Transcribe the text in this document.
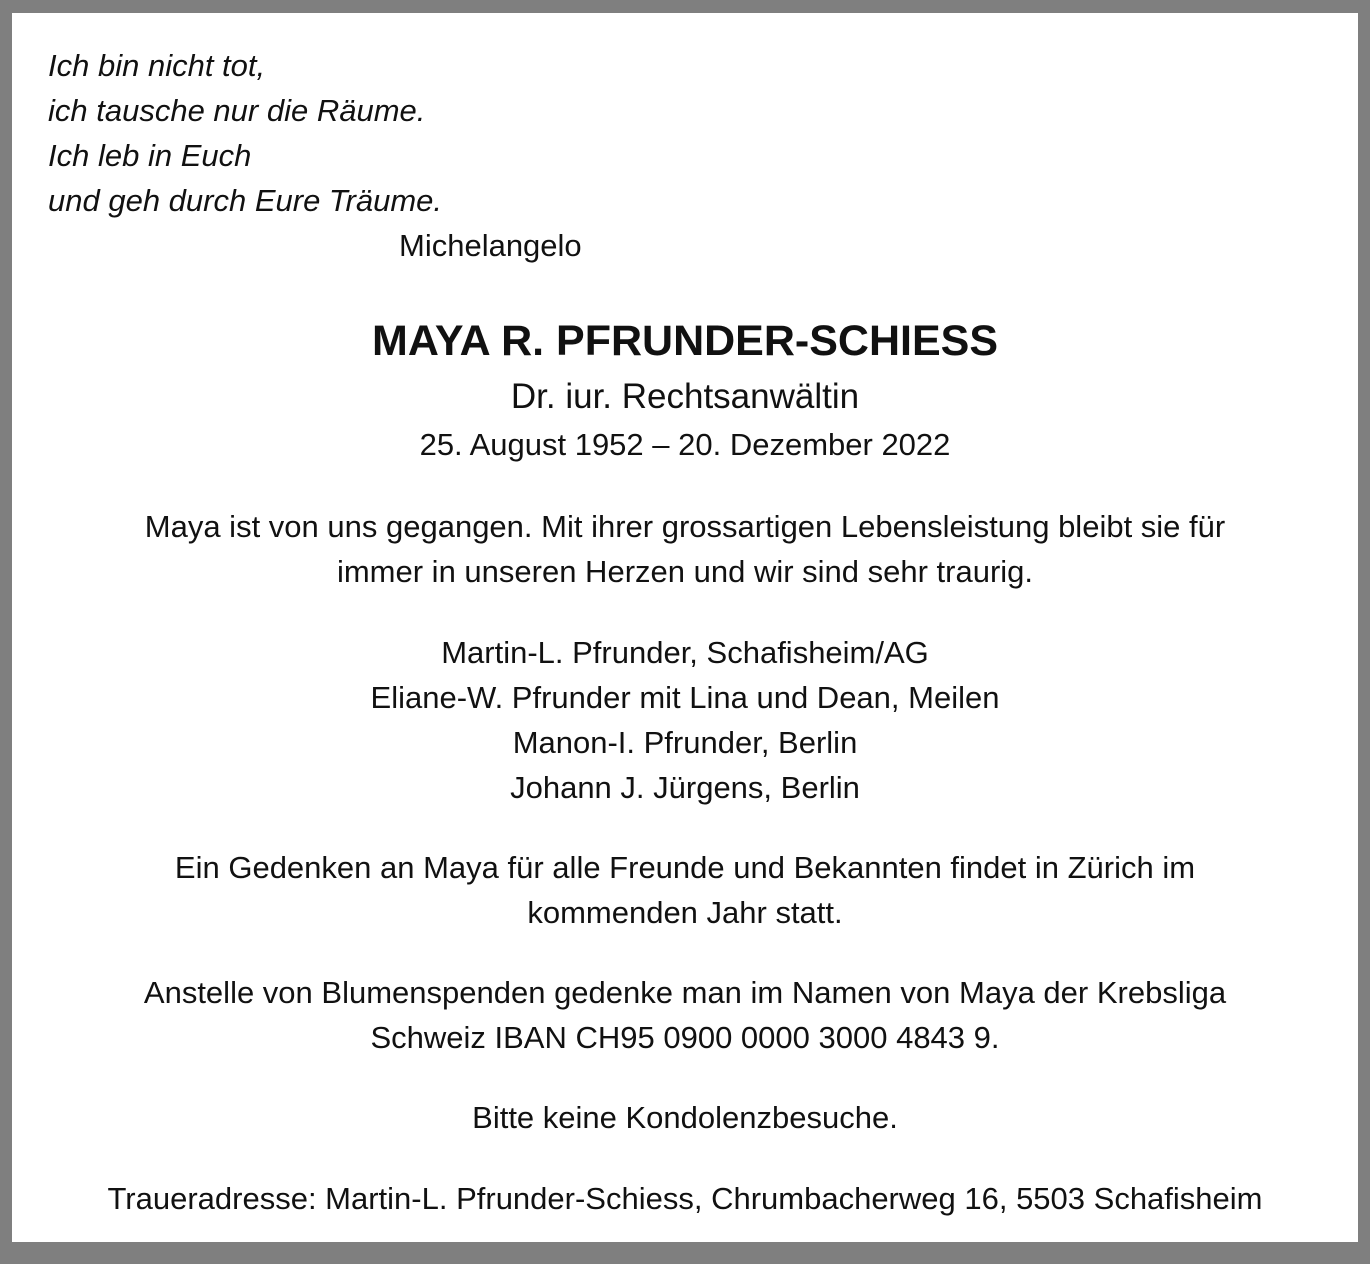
Ich bin nicht tot,
ich tausche nur die Räume.
Ich leb in Euch
und geh durch Eure Träume.
Michelangelo
MAYA R. PFRUNDER-SCHIESS
Dr. iur. Rechtsanwältin
25. August 1952 – 20. Dezember 2022
Maya ist von uns gegangen. Mit ihrer grossartigen Lebensleistung bleibt sie für
immer in unseren Herzen und wir sind sehr traurig.
Martin-L. Pfrunder, Schafisheim/AG
Eliane-W. Pfrunder mit Lina und Dean, Meilen
Manon-I. Pfrunder, Berlin
Johann J. Jürgens, Berlin
Ein Gedenken an Maya für alle Freunde und Bekannten findet in Zürich im
kommenden Jahr statt.
Anstelle von Blumenspenden gedenke man im Namen von Maya der Krebsliga
Schweiz IBAN CH95 0900 0000 3000 4843 9.
Bitte keine Kondolenzbesuche.
Traueradresse: Martin-L. Pfrunder-Schiess, Chrumbacherweg 16, 5503 Schafisheim
